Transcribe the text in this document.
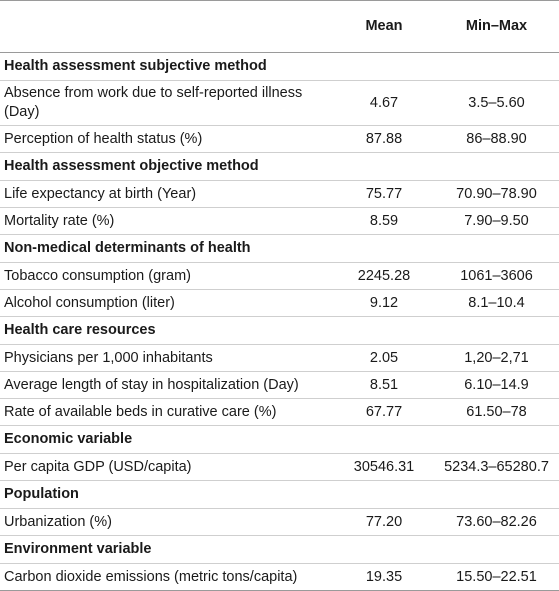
	Mean	Min–Max
Health assessment subjective method		
Absence from work due to self-reported illness (Day)	4.67	3.5–5.60
Perception of health status (%)	87.88	86–88.90
Health assessment objective method		
Life expectancy at birth (Year)	75.77	70.90–78.90
Mortality rate (%)	8.59	7.90–9.50
Non-medical determinants of health		
Tobacco consumption (gram)	2245.28	1061–3606
Alcohol consumption (liter)	9.12	8.1–10.4
Health care resources		
Physicians per 1,000 inhabitants	2.05	1,20–2,71
Average length of stay in hospitalization (Day)	8.51	6.10–14.9
Rate of available beds in curative care (%)	67.77	61.50–78
Economic variable		
Per capita GDP (USD/capita)	30546.31	5234.3–65280.7
Population		
Urbanization (%)	77.20	73.60–82.26
Environment variable		
Carbon dioxide emissions (metric tons/capita)	19.35	15.50–22.51
